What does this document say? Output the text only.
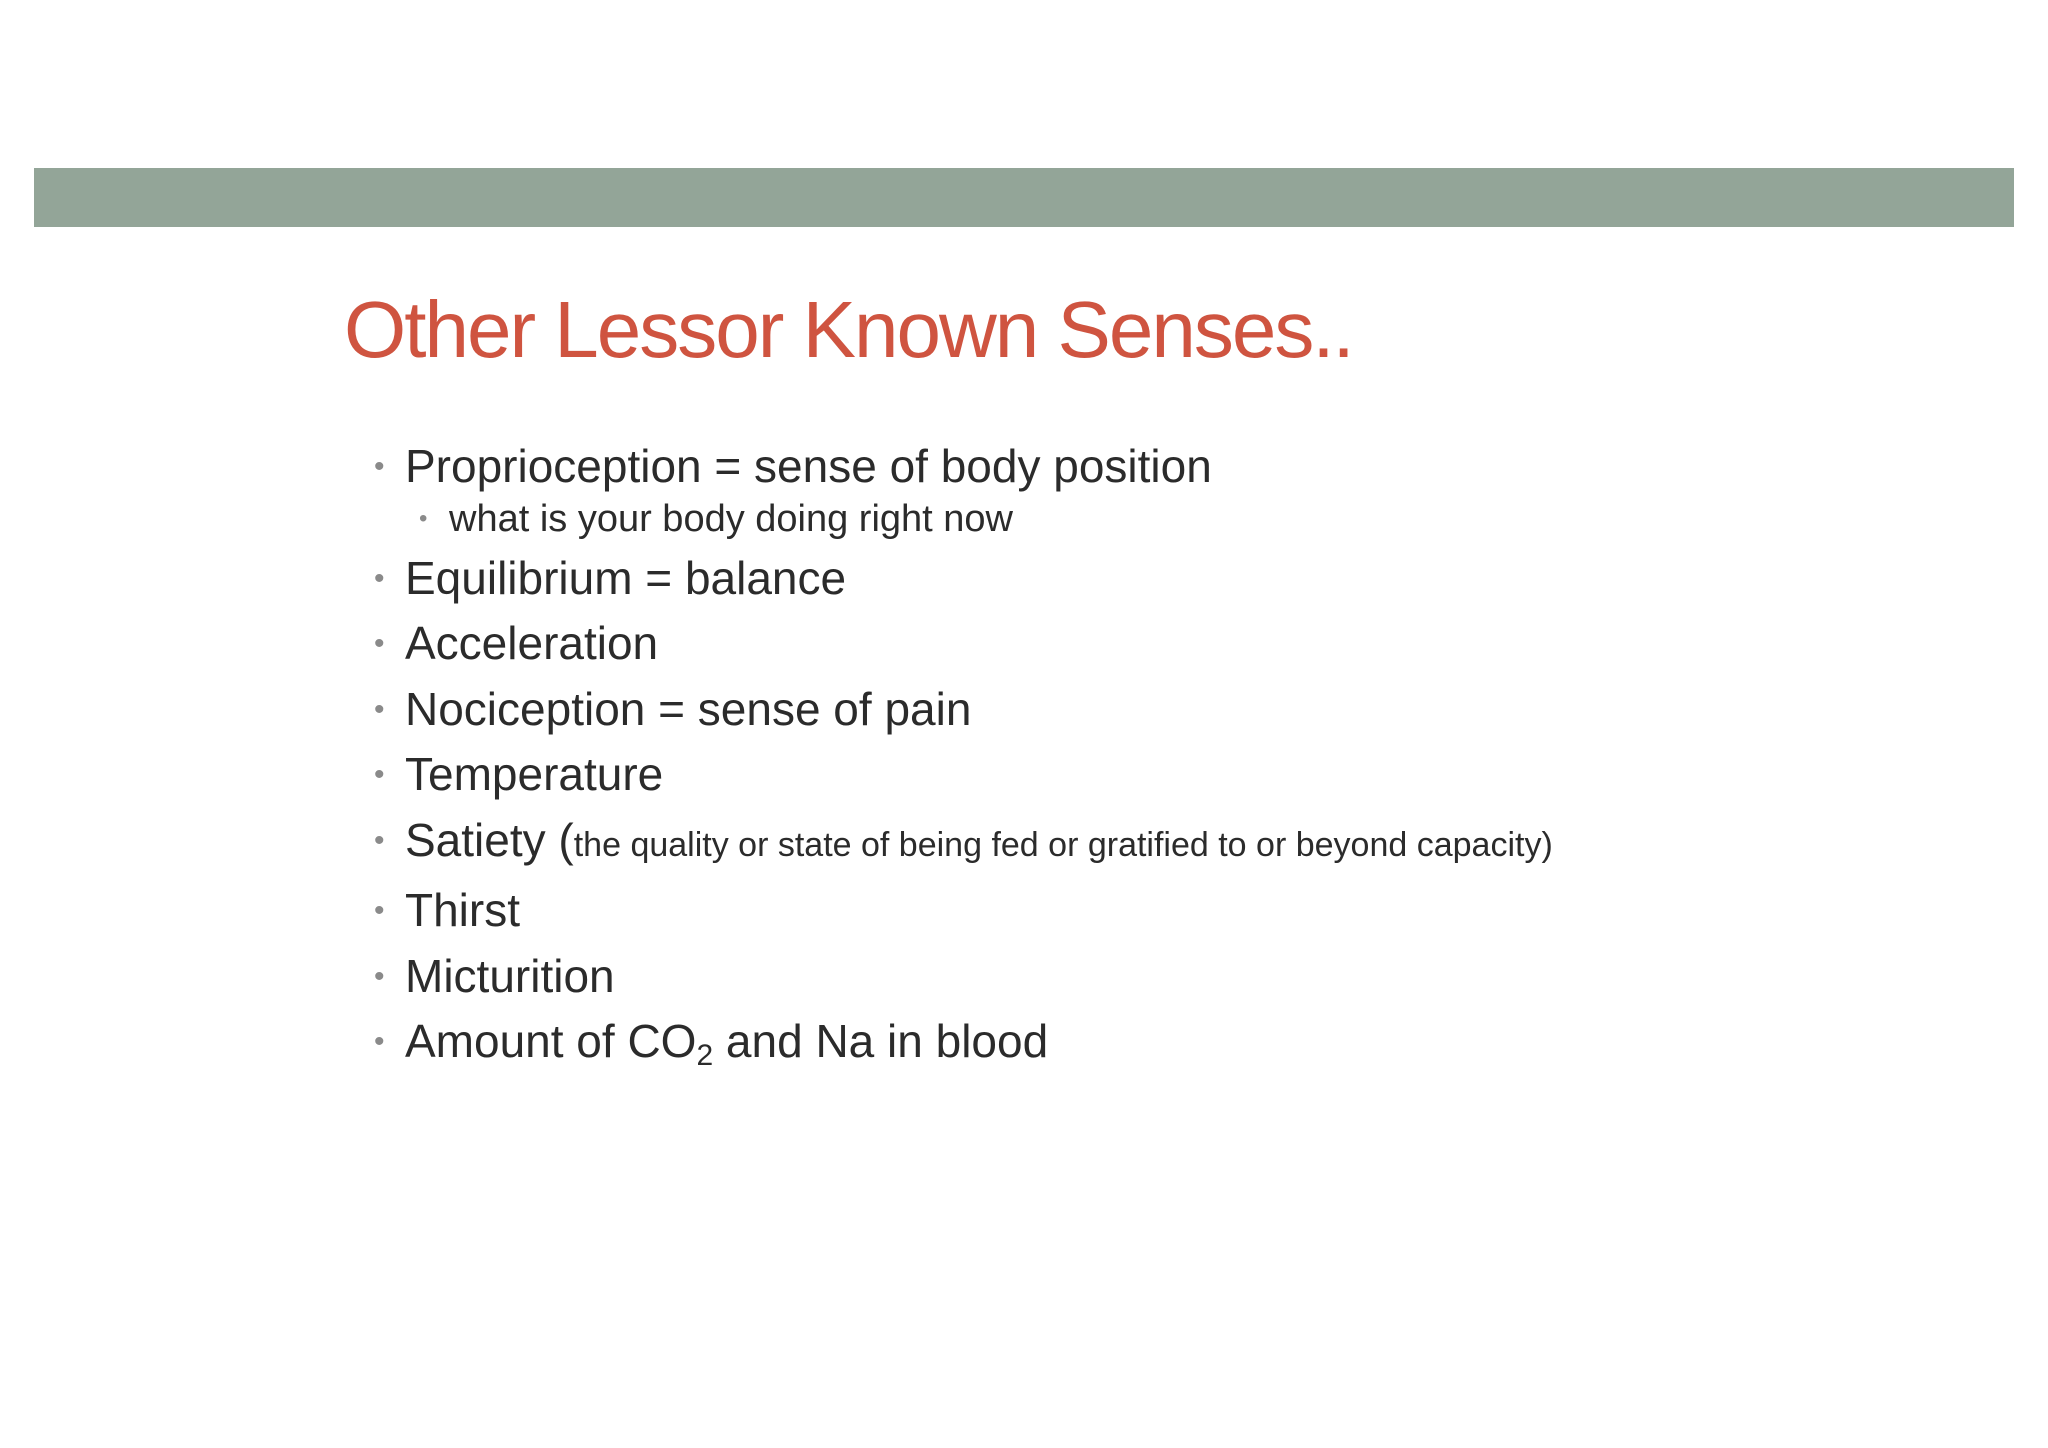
Other Lessor Known Senses..
• Proprioception = sense of body position
• what is your body doing right now
• Equilibrium = balance
• Acceleration
• Nociception = sense of pain
• Temperature
• Satiety (the quality or state of being fed or gratified to or beyond capacity)
• Thirst
• Micturition
• Amount of $CO_2$ and Na in blood
